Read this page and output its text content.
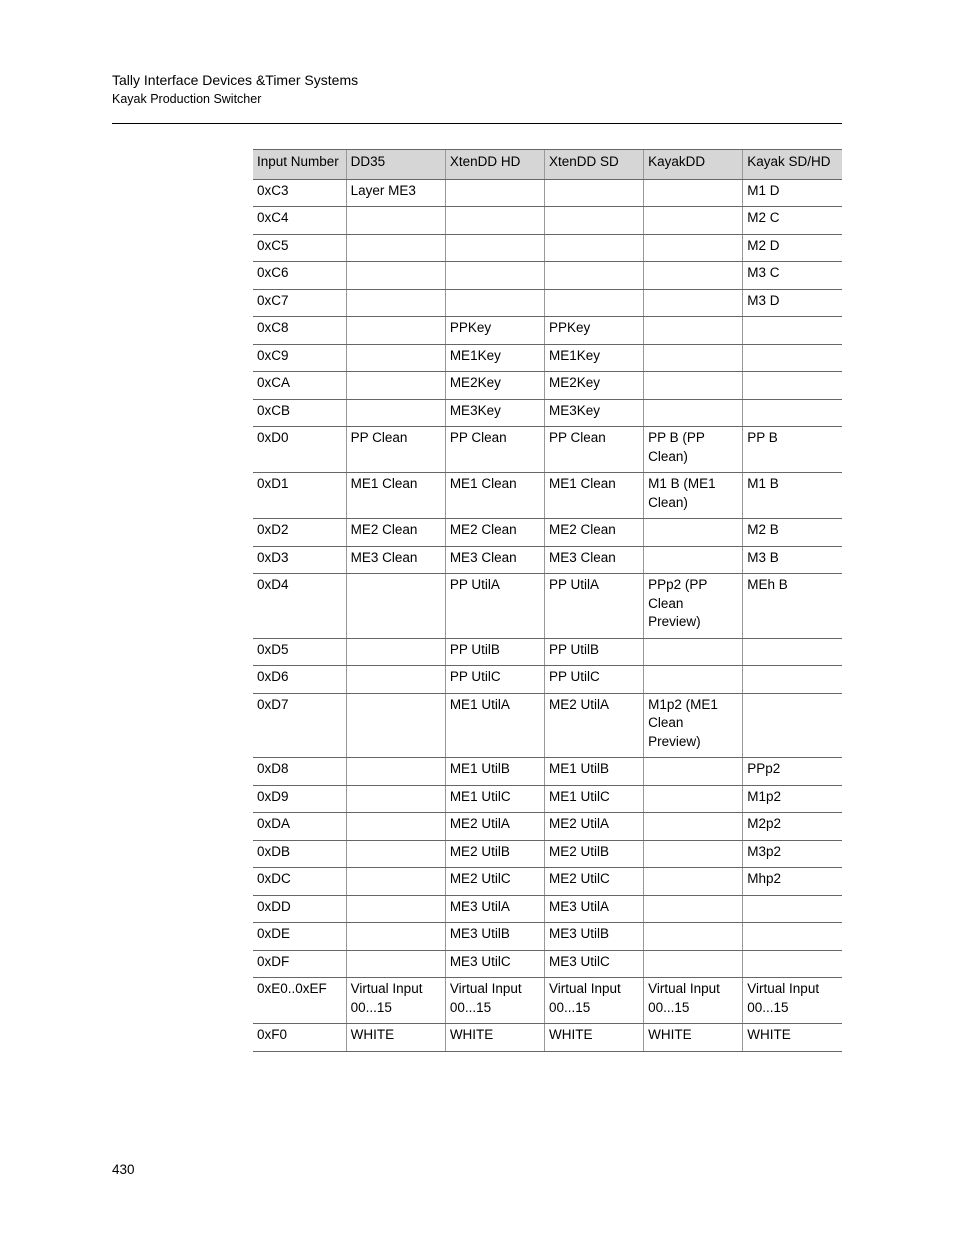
Tally Interface Devices &Timer Systems
Kayak Production Switcher
Input Number	DD35	XtenDD HD	XtenDD SD	KayakDD	Kayak SD/HD
0xC3	Layer ME3				M1 D
0xC4					M2 C
0xC5					M2 D
0xC6					M3 C
0xC7					M3 D
0xC8		PPKey	PPKey		
0xC9		ME1Key	ME1Key		
0xCA		ME2Key	ME2Key		
0xCB		ME3Key	ME3Key		
0xD0	PP Clean	PP Clean	PP Clean	PP B (PP Clean)	PP B
0xD1	ME1 Clean	ME1 Clean	ME1 Clean	M1 B (ME1 Clean)	M1 B
0xD2	ME2 Clean	ME2 Clean	ME2 Clean		M2 B
0xD3	ME3 Clean	ME3 Clean	ME3 Clean		M3 B
0xD4		PP UtilA	PP UtilA	PPp2 (PP Clean Preview)	MEh B
0xD5		PP UtilB	PP UtilB		
0xD6		PP UtilC	PP UtilC		
0xD7		ME1 UtilA	ME2 UtilA	M1p2 (ME1 Clean Preview)	
0xD8		ME1 UtilB	ME1 UtilB		PPp2
0xD9		ME1 UtilC	ME1 UtilC		M1p2
0xDA		ME2 UtilA	ME2 UtilA		M2p2
0xDB		ME2 UtilB	ME2 UtilB		M3p2
0xDC		ME2 UtilC	ME2 UtilC		Mhp2
0xDD		ME3 UtilA	ME3 UtilA		
0xDE		ME3 UtilB	ME3 UtilB		
0xDF		ME3 UtilC	ME3 UtilC		
0xE0..0xEF	Virtual Input 00...15	Virtual Input 00...15	Virtual Input 00...15	Virtual Input 00...15	Virtual Input 00...15
0xF0	WHITE	WHITE	WHITE	WHITE	WHITE
430
